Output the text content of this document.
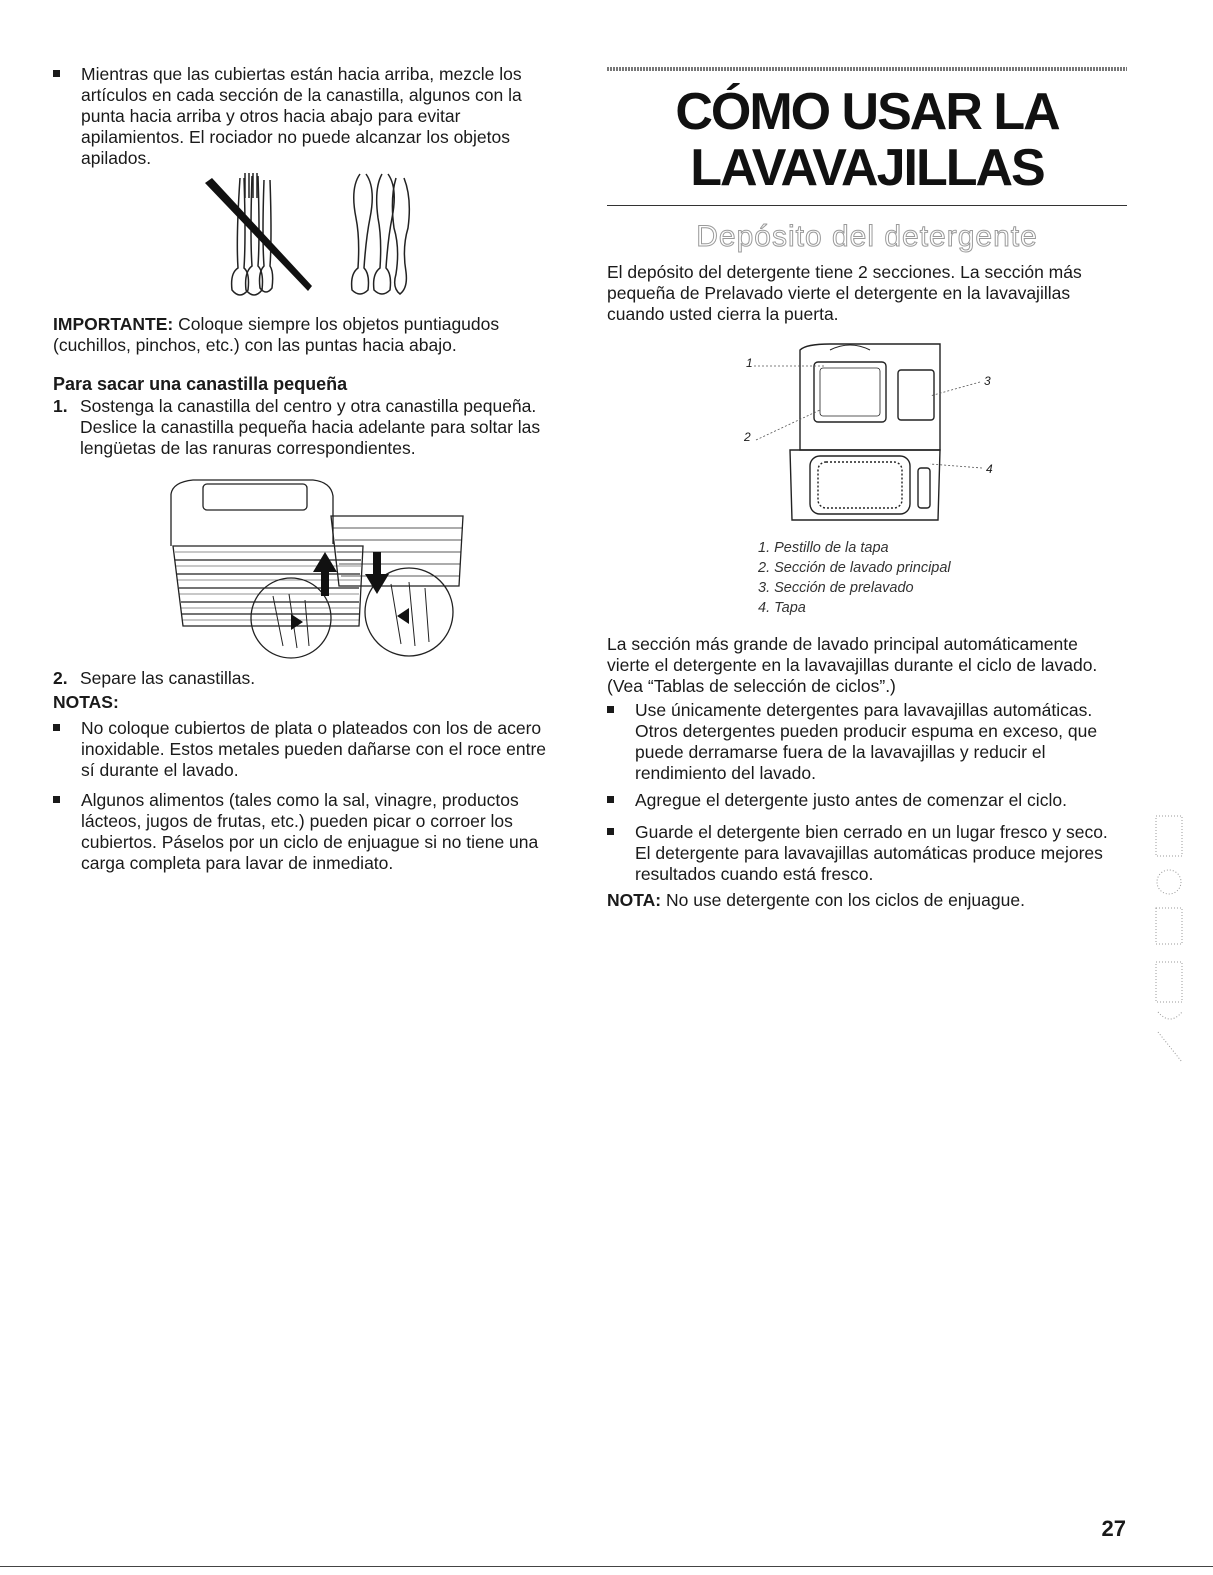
Mientras que las cubiertas están hacia arriba, mezcle los artículos en cada sección de la canastilla, algunos con la punta hacia arriba y otros hacia abajo para evitar apilamientos. El rociador no puede alcanzar los objetos apilados.
IMPORTANTE: Coloque siempre los objetos puntiagudos (cuchillos, pinchos, etc.) con las puntas hacia abajo.
Para sacar una canastilla pequeña
1. Sostenga la canastilla del centro y otra canastilla pequeña. Deslice la canastilla pequeña hacia adelante para soltar las lengüetas de las ranuras correspondientes.
2. Separe las canastillas.
NOTAS:
No coloque cubiertos de plata o plateados con los de acero inoxidable. Estos metales pueden dañarse con el roce entre sí durante el lavado.
Algunos alimentos (tales como la sal, vinagre, productos lácteos, jugos de frutas, etc.) pueden picar o corroer los cubiertos. Páselos por un ciclo de enjuague si no tiene una carga completa para lavar de inmediato.
CÓMO USAR LA
LAVAVAJILLAS
Depósito del detergente
El depósito del detergente tiene 2 secciones. La sección más pequeña de Prelavado vierte el detergente en la lavavajillas cuando usted cierra la puerta.
1
2
3
4
1. Pestillo de la tapa
2. Sección de lavado principal
3. Sección de prelavado
4. Tapa
La sección más grande de lavado principal automáticamente vierte el detergente en la lavavajillas durante el ciclo de lavado. (Vea “Tablas de selección de ciclos”.)
Use únicamente detergentes para lavavajillas automáticas. Otros detergentes pueden producir espuma en exceso, que puede derramarse fuera de la lavavajillas y reducir el rendimiento del lavado.
Agregue el detergente justo antes de comenzar el ciclo.
Guarde el detergente bien cerrado en un lugar fresco y seco. El detergente para lavavajillas automáticas produce mejores resultados cuando está fresco.
NOTA: No use detergente con los ciclos de enjuague.
27
